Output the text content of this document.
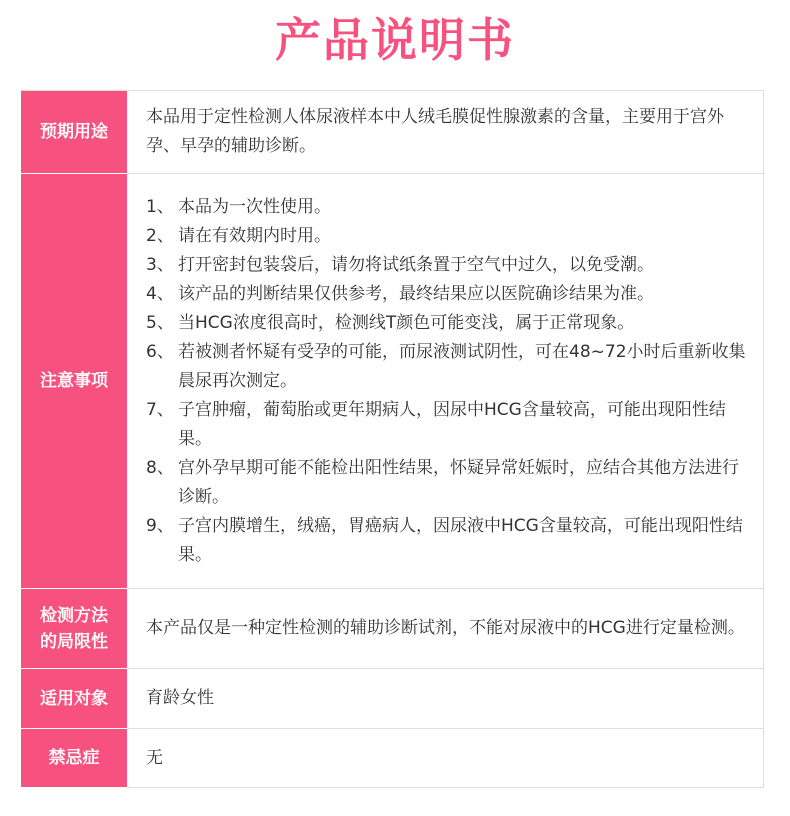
产品说明书
预期用途
本品用于定性检测人体尿液样本中人绒毛膜促性腺激素的含量，主要用于宫外孕、早孕的辅助诊断。
注意事项
1、 本品为一次性使用。
2、 请在有效期内时用。
3、 打开密封包装袋后，请勿将试纸条置于空气中过久，以免受潮。
4、 该产品的判断结果仅供参考，最终结果应以医院确诊结果为准。
5、 当HCG浓度很高时，检测线T颜色可能变浅，属于正常现象。
6、 若被测者怀疑有受孕的可能，而尿液测试阴性，可在48~72小时后重新收集晨尿再次测定。
7、 子宫肿瘤，葡萄胎或更年期病人，因尿中HCG含量较高，可能出现阳性结果。
8、 宫外孕早期可能不能检出阳性结果，怀疑异常妊娠时，应结合其他方法进行诊断。
9、 子宫内膜增生，绒癌，胃癌病人，因尿液中HCG含量较高，可能出现阳性结果。
检测方法的局限性
本产品仅是一种定性检测的辅助诊断试剂，不能对尿液中的HCG进行定量检测。
适用对象	育龄女性
禁忌症	无
